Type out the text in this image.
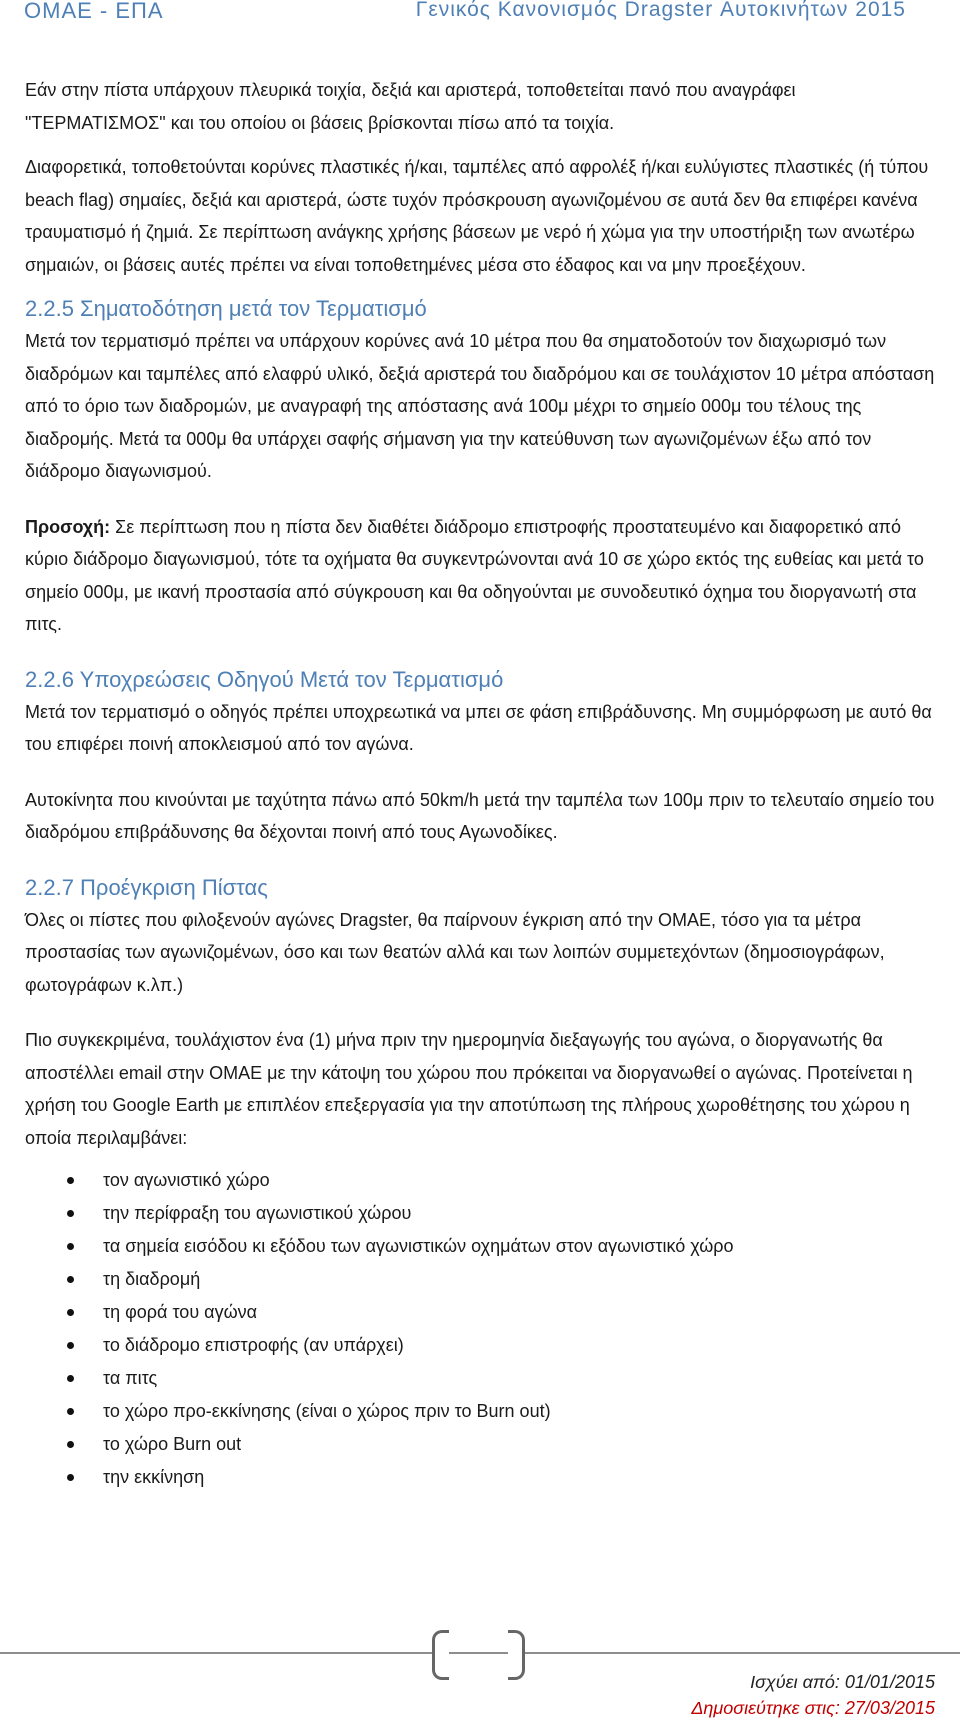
ΟΜΑΕ - ΕΠΑ	Γενικός Κανονισμός Dragster Αυτοκινήτων 2015

Εάν στην πίστα υπάρχουν πλευρικά τοιχία, δεξιά και αριστερά, τοποθετείται πανό που αναγράφει "ΤΕΡΜΑΤΙΣΜΟΣ" και του οποίου οι βάσεις βρίσκονται πίσω από τα τοιχία.

Διαφορετικά, τοποθετούνται κορύνες πλαστικές ή/και, ταμπέλες από αφρολέξ ή/και ευλύγιστες πλαστικές (ή τύπου beach flag) σημαίες, δεξιά και αριστερά, ώστε τυχόν πρόσκρουση αγωνιζομένου σε αυτά δεν θα επιφέρει κανένα τραυματισμό ή ζημιά. Σε περίπτωση ανάγκης χρήσης βάσεων με νερό ή χώμα για την υποστήριξη των ανωτέρω σημαιών, οι βάσεις αυτές πρέπει να είναι τοποθετημένες μέσα στο έδαφος και να μην προεξέχουν.

2.2.5 Σηματοδότηση μετά τον Τερματισμό

Μετά τον τερματισμό πρέπει να υπάρχουν κορύνες ανά 10 μέτρα που θα σηματοδοτούν τον διαχωρισμό των διαδρόμων και ταμπέλες από ελαφρύ υλικό, δεξιά αριστερά του διαδρόμου και σε τουλάχιστον 10 μέτρα απόσταση από το όριο των διαδρομών, με αναγραφή της απόστασης ανά 100μ μέχρι το σημείο 000μ του τέλους της διαδρομής. Μετά τα 000μ θα υπάρχει σαφής σήμανση για την κατεύθυνση των αγωνιζομένων έξω από τον διάδρομο διαγωνισμού.

Προσοχή: Σε περίπτωση που η πίστα δεν διαθέτει διάδρομο επιστροφής προστατευμένο και διαφορετικό από κύριο διάδρομο διαγωνισμού, τότε τα οχήματα θα συγκεντρώνονται ανά 10 σε χώρο εκτός της ευθείας και μετά το σημείο 000μ, με ικανή προστασία από σύγκρουση και θα οδηγούνται με συνοδευτικό όχημα του διοργανωτή στα πιτς.

2.2.6 Υποχρεώσεις Οδηγού Μετά τον Τερματισμό

Μετά τον τερματισμό ο οδηγός πρέπει υποχρεωτικά να μπει σε φάση επιβράδυνσης. Μη συμμόρφωση με αυτό θα του επιφέρει ποινή αποκλεισμού από τον αγώνα.

Αυτοκίνητα που κινούνται με ταχύτητα πάνω από 50km/h μετά την ταμπέλα των 100μ πριν το τελευταίο σημείο του διαδρόμου επιβράδυνσης θα δέχονται ποινή από τους Αγωνοδίκες.

2.2.7 Προέγκριση Πίστας

Όλες οι πίστες που φιλοξενούν αγώνες Dragster, θα παίρνουν έγκριση από την ΟΜΑΕ, τόσο για τα μέτρα προστασίας των αγωνιζομένων, όσο και των θεατών αλλά και των λοιπών συμμετεχόντων (δημοσιογράφων, φωτογράφων κ.λπ.)

Πιο συγκεκριμένα, τουλάχιστον ένα (1) μήνα πριν την ημερομηνία διεξαγωγής του αγώνα, ο διοργανωτής θα αποστέλλει email στην ΟΜΑΕ με την κάτοψη του χώρου που πρόκειται να διοργανωθεί ο αγώνας. Προτείνεται η χρήση του Google Earth με επιπλέον επεξεργασία για την αποτύπωση της πλήρους χωροθέτησης του χώρου η οποία περιλαμβάνει:

τον αγωνιστικό χώρο
την περίφραξη του αγωνιστικού χώρου
τα σημεία εισόδου κι εξόδου των αγωνιστικών οχημάτων στον αγωνιστικό χώρο
τη διαδρομή
τη φορά του αγώνα
το διάδρομο επιστροφής (αν υπάρχει)
τα πιτς
το χώρο προ-εκκίνησης (είναι ο χώρος πριν το Burn out)
το χώρο Burn out
την εκκίνηση
Ισχύει από: 01/01/2015
Δημοσιεύτηκε στις: 27/03/2015
